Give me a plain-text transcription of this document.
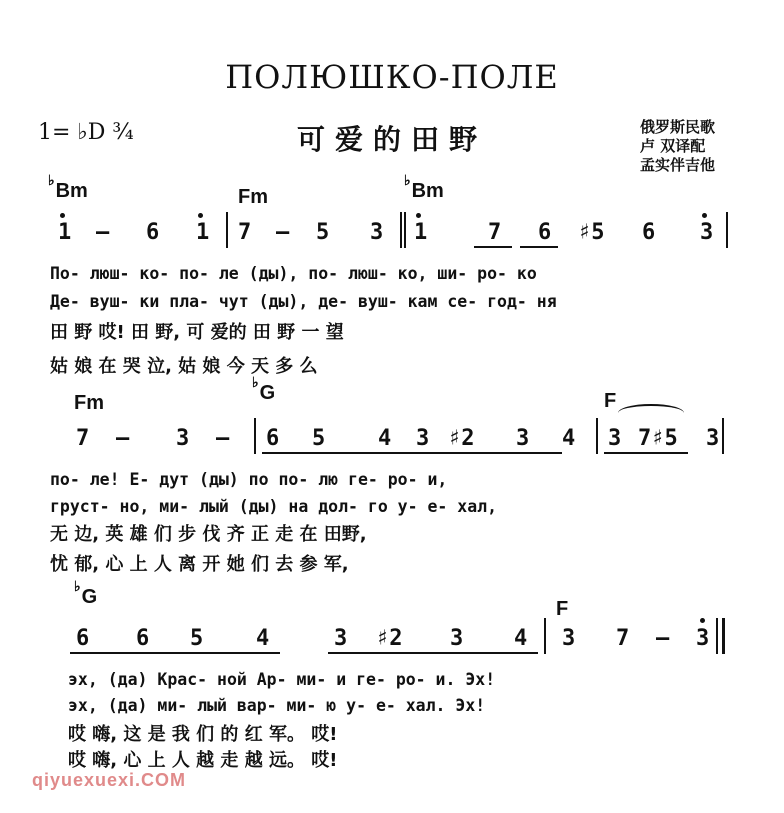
ПОЛЮШКО-ПОЛЕ
可爱的田野
1= ♭D ¾	俄罗斯民歌
卢 双译配
孟实伴吉他
♭Bm	Fm
♭Bm
1 — 6 1 7 — 5 3 1	7 6 ♯5 6 3
По- люш- ко- по- ле (ды), по- люш- ко, ши- ро- ко
Де- вуш- ки пла- чут (ды), де- вуш- кам се- год- ня
田 野 哎! 田 野, 可 爱的 田 野 一 望
姑 娘 在 哭 泣, 姑 娘 今 天 多 么
Fm
♭G	F
7 — 3 — 6 5 4 3 ♯2 3 4 3 7♯5 3
по- ле! Е- дут (ды) по по- лю ге- ро- и,
груст- но, ми- лый (ды) на дол- го у- е- хал,
无 边, 英 雄 们 步 伐 齐 正 走 在 田野,
忧 郁, 心 上 人 离 开 她 们 去 参 军,
♭G
F
6 6 5 4	3 ♯2 3 4 3 7 — 3
эх, (да) Крас- ной Ар- ми- и ге- ро- и. Эх!
эх, (да) ми- лый вар- ми- ю у- е- хал. Эх!
哎 嗨, 这 是 我 们 的 红 军。 哎!
哎 嗨, 心 上 人 越 走 越 远。 哎!
qiyuexuexi.COM
